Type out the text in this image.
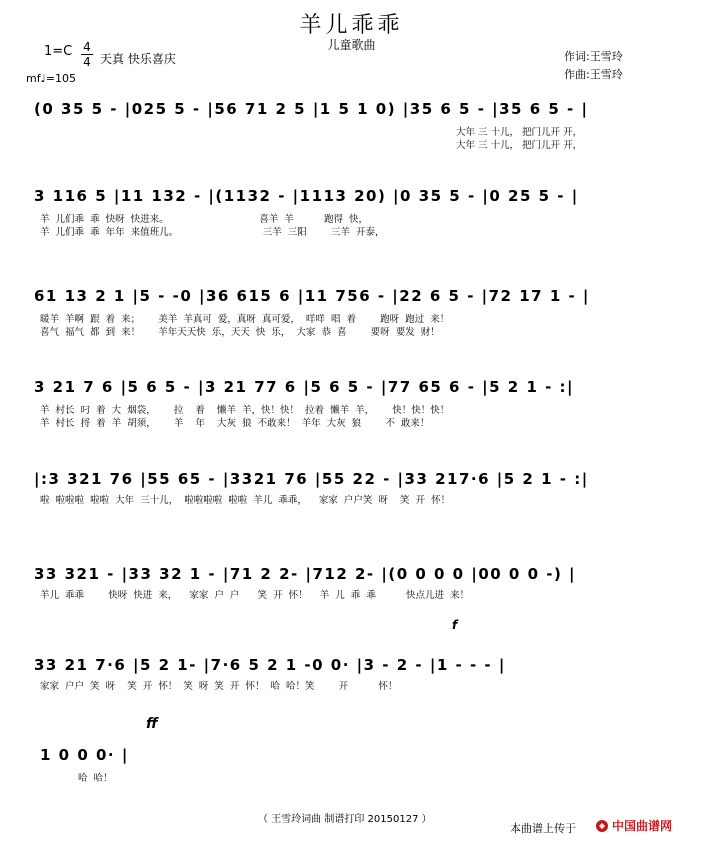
羊儿乖乖
儿童歌曲
1=C 4
4 天真 快乐喜庆
mf♩=105
作词:王雪玲
作曲:王雪玲
(0 35 5 - |025 5 - |56 71 2 5 |1 5 1 0) |35 6 5 - |35 6 5 - |
大年 三 十儿， 把门儿开 开，
大年 三 十儿， 把门儿开 开，
3 116 5 |11 132 - |(1132 - |1113 20) |0 35 5 - |0 25 5 - |
羊  儿们乖  乖  快呀  快进来。                              喜羊  羊          跑得  快，
羊  儿们乖  乖  年年  来值班儿。                            三羊  三阳        三羊  开泰，
61 13 2 1 |5 - -0 |36 615 6 |11 756 - |22 6 5 - |72 17 1 - |
暖羊  羊啊  跟  着  来；      美羊  羊真可  爱，真呀  真可爱，  咩咩  唱  着        跑呀  跑过  来！
喜气  福气  都  到  来！      羊年天天快  乐，天天  快  乐，  大家  恭  喜        要呀  要发  财！
3 21 7 6 |5 6 5 - |3 21 77 6 |5 6 5 - |77 65 6 - |5 2 1 - :|
羊  村长  叼  着  大  烟袋，      拉    着    懒羊  羊，快！快！  拉着  懒羊  羊，      快！快！快！
羊  村长  捋  着  羊  胡须，      羊    年    大灰  狼  不敢来！  羊年  大灰  狼        不  敢来！
|:3 321 76 |55 65 - |3321 76 |55 22 - |33 217·6 |5 2 1 - :|
啦  啦啦啦  啦啦  大年  三十儿，  啦啦啦啦  啦啦  羊儿  乖乖，    家家  户户笑  呀    笑  开  怀！
33 321 - |33 32 1 - |71 2 2- |712 2- |(0 0 0 0 |00 0 0 -) |
羊儿  乖乖        快呀  快进  来，    家家  户  户      笑  开  怀！    羊  儿  乖  乖          快点儿进  来！
33 21 7·6 |5 2 1- |7·6 5 2 1 -0 0· |3 - 2 - |1 - - - |
家家  户户  笑  呀    笑  开  怀！  笑  呀  笑  开  怀！  哈  哈！笑        开          怀！
1 0 0 0· |
哈  哈！
f
ff
（ 王雪玲词曲 制谱打印 20150127 ）
本曲谱上传于	中国曲谱网
